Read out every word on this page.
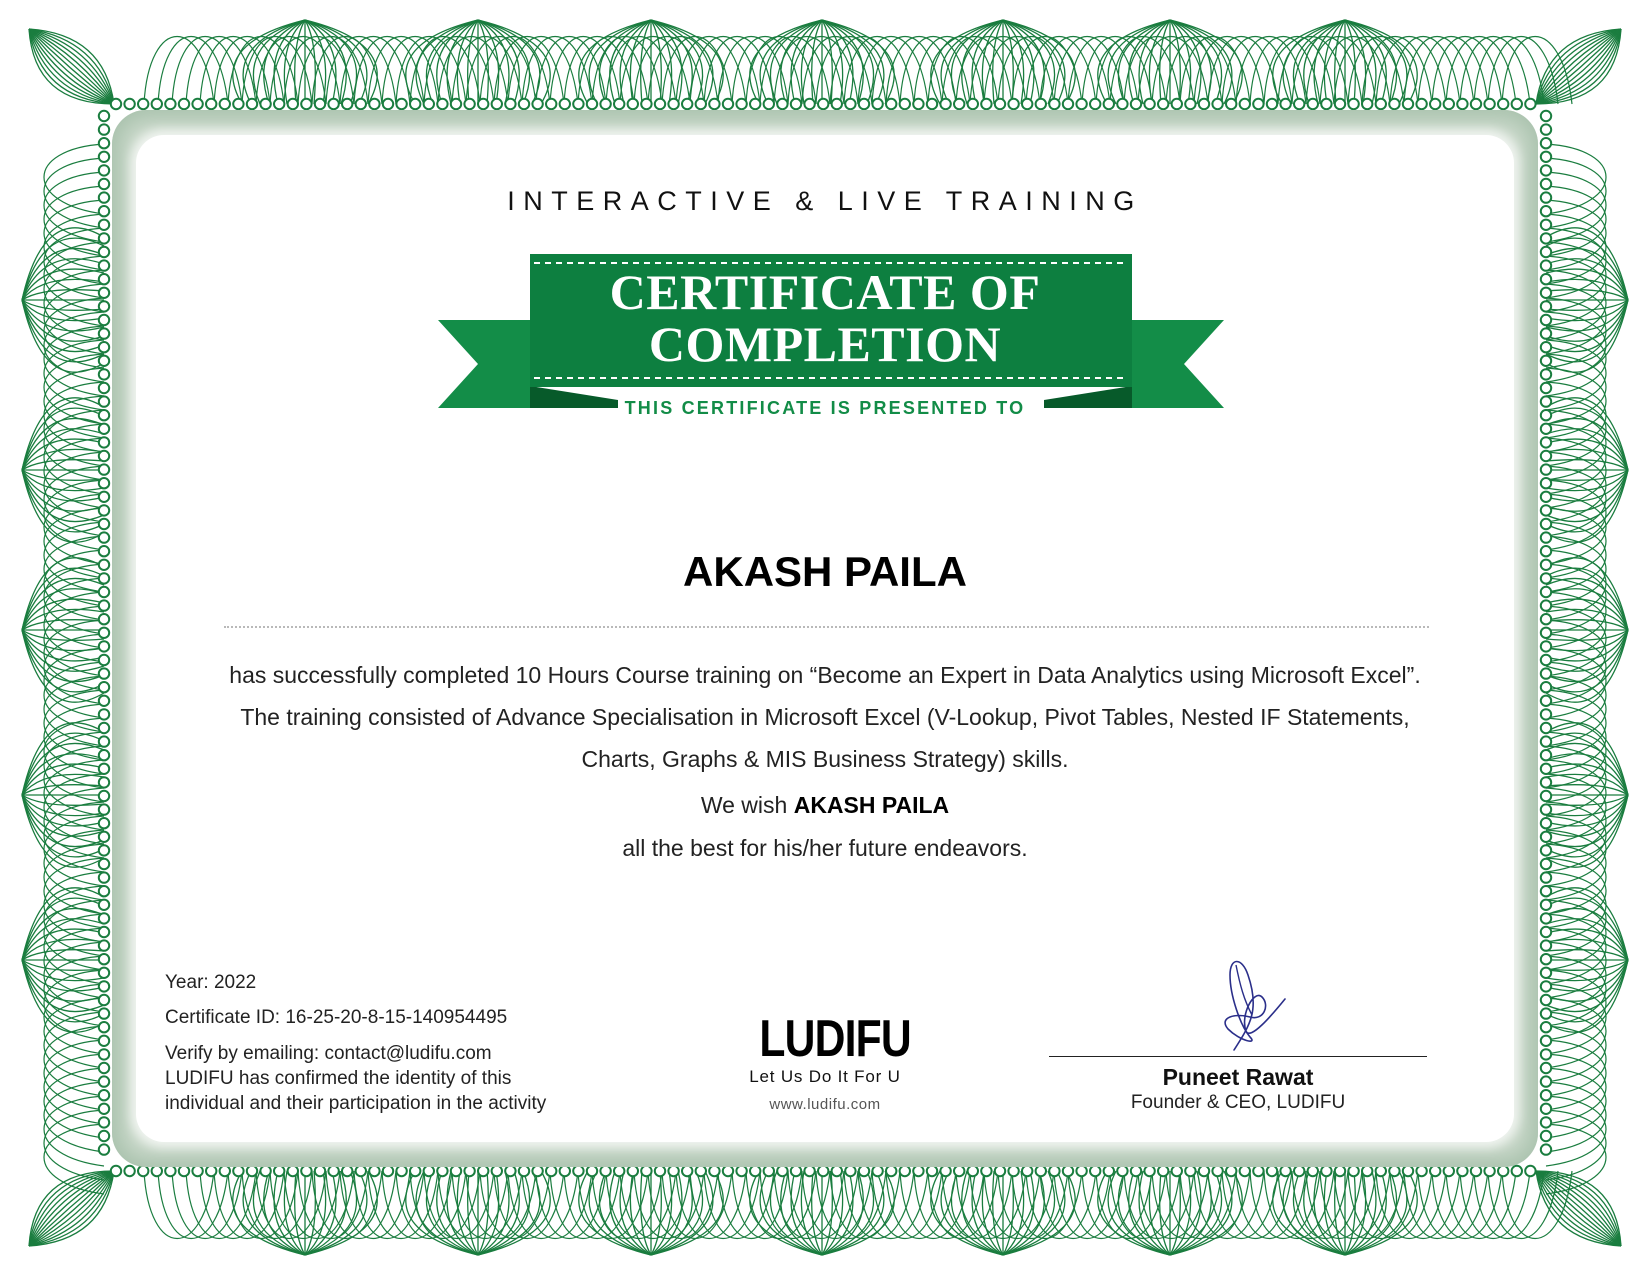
INTERACTIVE & LIVE TRAINING
CERTIFICATE OF
COMPLETION
THIS CERTIFICATE IS PRESENTED TO
AKASH PAILA
has successfully completed 10 Hours Course training on “Become an Expert in Data Analytics using Microsoft Excel”. The training consisted of Advance Specialisation in Microsoft Excel (V-Lookup, Pivot Tables, Nested IF Statements, Charts, Graphs & MIS Business Strategy) skills.
We wish AKASH PAILA
all the best for his/her future endeavors.
Year: 2022
Certificate ID: 16-25-20-8-15-140954495
Verify by emailing: contact@ludifu.com
LUDIFU has confirmed the identity of this
individual and their participation in the activity
LUDIFU
Let Us Do It For U
www.ludifu.com
Puneet Rawat
Founder & CEO, LUDIFU
